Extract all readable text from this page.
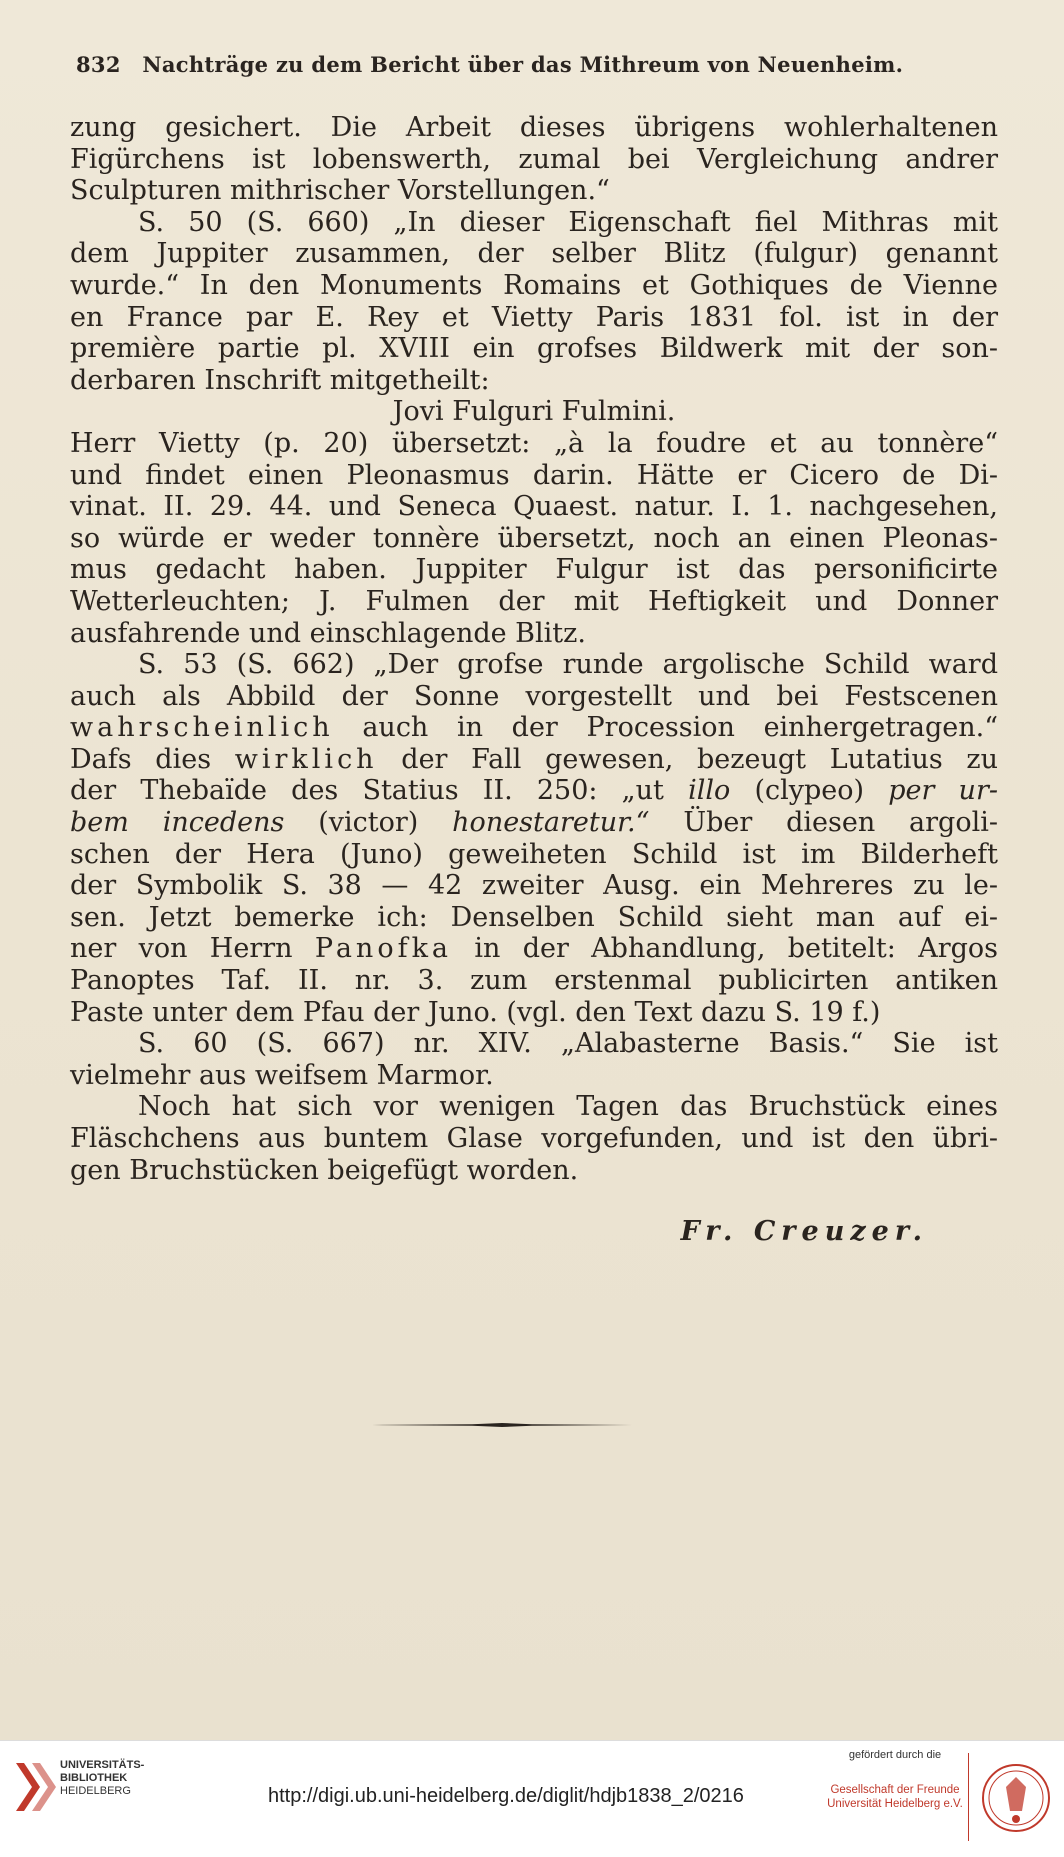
832 Nachträge zu dem Bericht über das Mithreum von Neuenheim.

zung gesichert. Die Arbeit dieses übrigens wohlerhaltenen
Figürchens ist lobenswerth, zumal bei Vergleichung andrer
Sculpturen mithrischer Vorstellungen.“

S. 50 (S. 660) „In dieser Eigenschaft fiel Mithras mit
dem Juppiter zusammen, der selber Blitz (fulgur) genannt
wurde.“ In den Monuments Romains et Gothiques de Vienne
en France par E. Rey et Vietty Paris 1831 fol. ist in der
première partie pl. XVIII ein grofses Bildwerk mit der son-
derbaren Inschrift mitgetheilt:

Jovi Fulguri Fulmini.

Herr Vietty (p. 20) übersetzt: „à la foudre et au tonnère“
und findet einen Pleonasmus darin. Hätte er Cicero de Di-
vinat. II. 29. 44. und Seneca Quaest. natur. I. 1. nachgesehen,
so würde er weder tonnère übersetzt, noch an einen Pleonas-
mus gedacht haben. Juppiter Fulgur ist das personificirte
Wetterleuchten; J. Fulmen der mit Heftigkeit und Donner
ausfahrende und einschlagende Blitz.

S. 53 (S. 662) „Der grofse runde argolische Schild ward
auch als Abbild der Sonne vorgestellt und bei Festscenen
wahrscheinlich auch in der Procession einhergetragen.“
Dafs dies wirklich der Fall gewesen, bezeugt Lutatius zu
der Thebaïde des Statius II. 250: „ut illo (clypeo) per ur-
bem incedens (victor) honestaretur.“ Über diesen argoli-
schen der Hera (Juno) geweiheten Schild ist im Bilderheft
der Symbolik S. 38 — 42 zweiter Ausg. ein Mehreres zu le-
sen. Jetzt bemerke ich: Denselben Schild sieht man auf ei-
ner von Herrn Panofka in der Abhandlung, betitelt: Argos
Panoptes Taf. II. nr. 3. zum erstenmal publicirten antiken
Paste unter dem Pfau der Juno. (vgl. den Text dazu S. 19 f.)

S. 60 (S. 667) nr. XIV. „Alabasterne Basis.“ Sie ist
vielmehr aus weifsem Marmor.

Noch hat sich vor wenigen Tagen das Bruchstück eines
Fläschchens aus buntem Glase vorgefunden, und ist den übri-
gen Bruchstücken beigefügt worden.

Fr. Creuzer.

UNIVERSITÄTS-
BIBLIOTHEK
HEIDELBERG	http://digi.ub.uni-heidelberg.de/diglit/hdjb1838_2/0216
gefördert durch die
Gesellschaft der Freunde
Universität Heidelberg e.V.
